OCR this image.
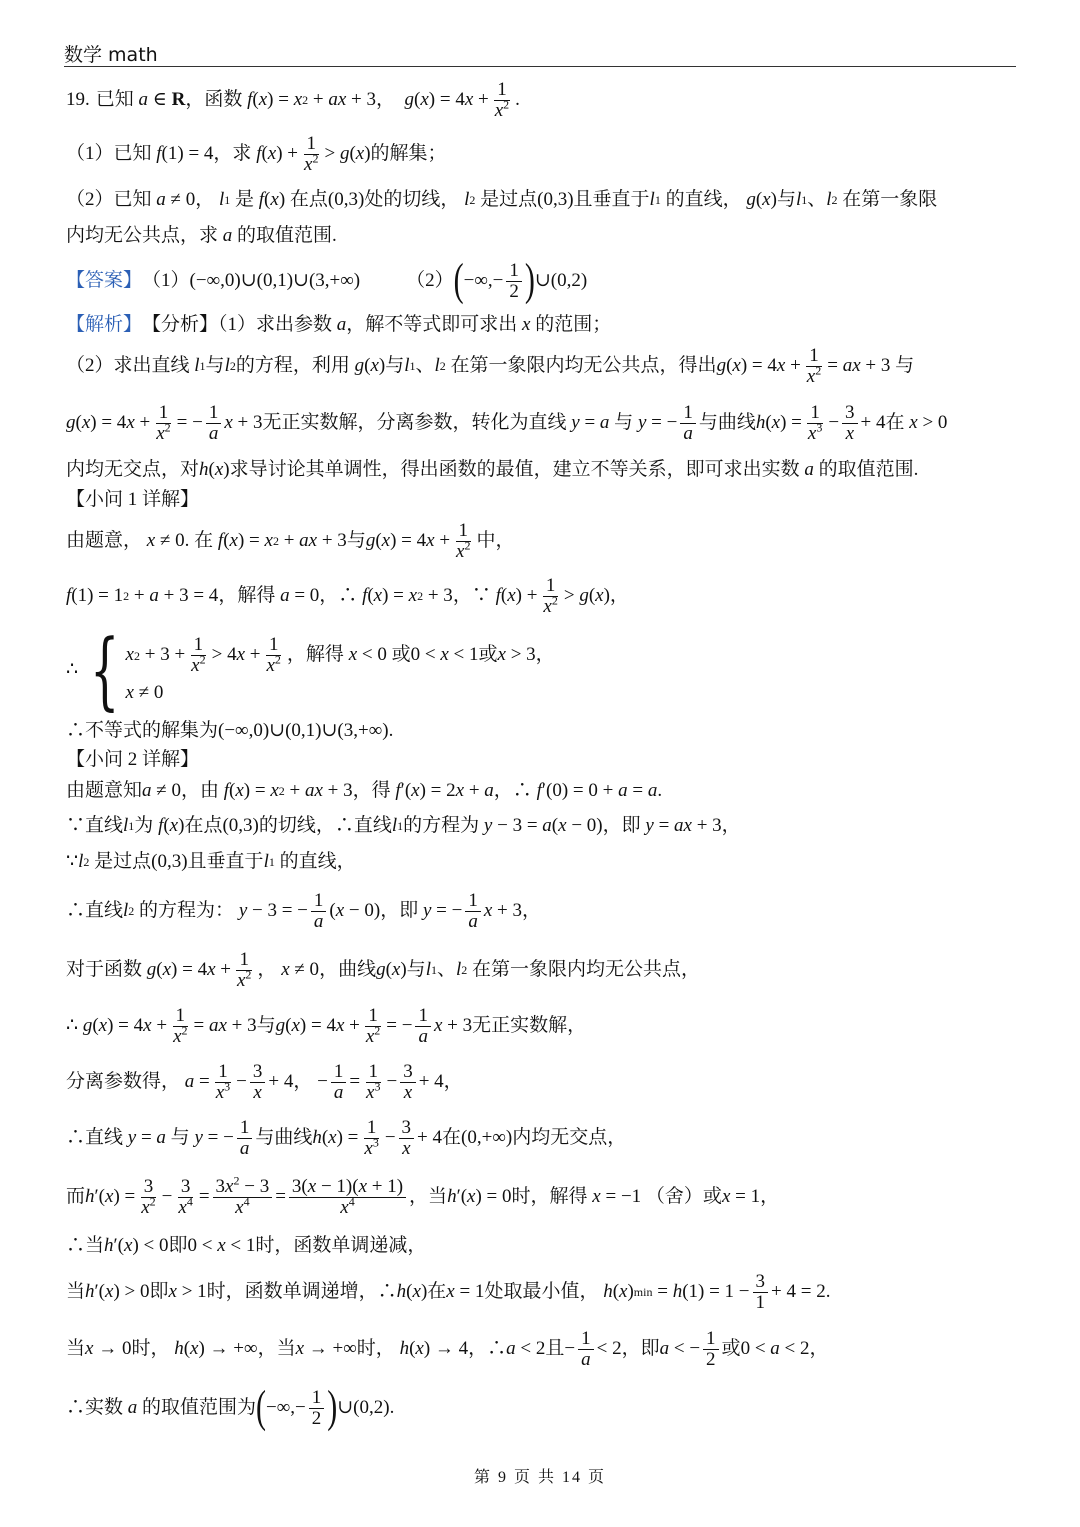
数学 math
19. 已知 a ∈ R ，函数 f ( x ) = x 2 + ax + 3 ，
g ( x ) = 4 $x + \frac{1}{x^2}$ .
（1）已知 f (1) = 4 ，求 f ( x ) + $\frac{1}{x^2} > g$ ( x ) 的解集；
（2）已知 a ≠ 0 ， l 1
是 f ( x ) 在点 (0,3) 处的切线， l 2
是过点 (0,3) 且垂直于 l 1
的直线， g ( x ) 与 l 1 、 l 2
在第一象限
内均无公共点，求 a 的取值范围.
【答案】 （1） (−∞,0)∪(0,1)∪(3,+∞) （2） ( −∞,− $\frac{1}{2}$ ) ∪(0,2)
【解析】 【分析】（1）求出参数 a ，解不等式即可求出 x 的范围；
（2）求出直线 l 1 与 l 2 的方程，利用 g ( x ) 与 l 1 、 l 2
在第一象限内均无公共点，得出 g ( x ) = 4 $x + \frac{1}{x^2}$ = ax + 3 与
g ( x ) = 4 $x + \frac{1}{x^2}$ = − $\frac{1}{a}$ x + 3 无正实数解，分离参数，转化为直线 y = a
与 y = − $\frac{1}{a}$ 与曲线 h ( x ) = $\frac{1}{x^3} - \frac{3}{x} + 4$ 在 x > 0
内均无交点，对 h ( x ) 求导讨论其单调性，得出函数的最值，建立不等关系，即可求出实数 a 的取值范围.
【小问 1 详解】
由题意， x ≠ 0 . 在 f ( x ) = x 2 + ax + 3 与 g ( x ) = 4 $x + \frac{1}{x^2}$ 中，
f (1) = 1 2 + a + 3 = 4 ，解得 a = 0 ，∴ f ( x ) = x 2 + 3 ，∵ f ( x ) + $\frac{1}{x^2} > g$ ( x )，
∴ { x $2 + 3 + \frac{1}{x^2} > 4$ $x + \frac{1}{x^2}$
x ≠ 0
，解得 x < 0 或 0 < x < 1 或 x > 3，
∴不等式的解集为 (−∞,0)∪(0,1)∪(3,+∞).
【小问 2 详解】
由题意知 a ≠ 0 ，由 f ( x ) = x 2 + ax + 3 ，得 f ′( x ) = 2 x + a ，∴ f ′(0) = 0 + a = a .
∵直线 l 1 为 f ( x ) 在点 (0,3) 的切线，∴直线 l 1 的方程为 y − 3 = a ( x − 0) ，即 y = ax + 3，
∵ l 2
是过点 (0,3) 且垂直于 l 1
的直线，
∴直线 l 2
的方程为： y − 3 = − $\frac{1}{a}$ ( x − 0) ，即 y = − $\frac{1}{a}$ x + 3，
对于函数 g ( x ) = 4 $x + \frac{1}{x^2}$ ， x ≠ 0 ，曲线 g ( x ) 与 l 1 、 l 2
在第一象限内均无公共点，
∴ g ( x ) = 4 $x + \frac{1}{x^2}$ = ax + 3 与 g ( x ) = 4 $x + \frac{1}{x^2}$ = − $\frac{1}{a}$ x + 3 无正实数解，
分离参数得， $a = \frac{1}{x^3} - \frac{3}{x} + 4$， − $\frac{1}{a} = \frac{1}{x^3} - \frac{3}{x} + 4$，
∴直线 y = a
与 y = − $\frac{1}{a}$ 与曲线 h ( x ) = $\frac{1}{x^3} - \frac{3}{x} + 4$ 在 (0,+∞) 内均无交点，
而 h ′( x ) = $\frac{3}{x^2} - \frac{3}{x^4} = \frac{3x^2 - 3}{x^4} = \frac{3(x - 1)(x + 1)}{x^4}$ ，当 h ′( x ) = 0 时，解得 x = −1 （舍）或 x = 1，
∴当 h ′( x ) < 0 即 0 < x < 1 时，函数单调递减，
当 h ′( x ) > 0 即 x > 1 时，函数单调递增，∴ h ( x ) 在 x = 1 处取最小值， h ( x ) min = h $(1) = 1 - \frac{3}{1} + 4 = 2$.
当 x → 0 时， h ( x ) → +∞ ，当 x → +∞ 时， h ( x ) → 4 ，∴ a < 2 且 − $\frac{1}{a} < 2$ ，即 a < − $\frac{1}{2}$ 或 0 < a < 2，
∴实数 a 的取值范围为 ( −∞,− $\frac{1}{2}$ ) ∪(0,2).
第 9 页 共 14 页
